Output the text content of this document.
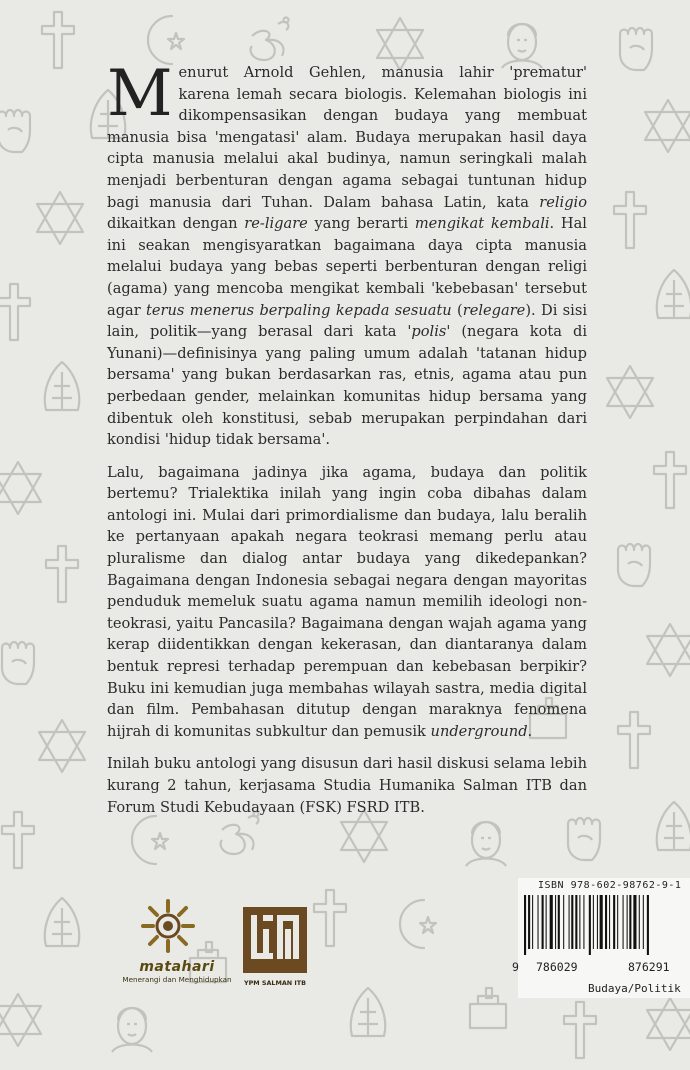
Menurut Arnold Gehlen, manusia lahir 'prematur' karena lemah secara biologis. Kelemahan biologis ini dikompensasikan dengan budaya yang membuat manusia bisa 'mengatasi' alam. Budaya merupakan hasil daya cipta manusia melalui akal budinya, namun seringkali malah menjadi berbenturan dengan agama sebagai tuntunan hidup bagi manusia dari Tuhan. Dalam bahasa Latin, kata religio dikaitkan dengan re-ligare yang berarti mengikat kembali. Hal ini seakan mengisyaratkan bagaimana daya cipta manusia melalui budaya yang bebas seperti berbenturan dengan religi (agama) yang mencoba mengikat kembali 'kebebasan' tersebut agar terus menerus berpaling kepada sesuatu (relegare). Di sisi lain, politik—yang berasal dari kata 'polis' (negara kota di Yunani)—definisinya yang paling umum adalah 'tatanan hidup bersama' yang bukan berdasarkan ras, etnis, agama atau pun perbedaan gender, melainkan komunitas hidup bersama yang dibentuk oleh konstitusi, sebab merupakan perpindahan dari kondisi 'hidup tidak bersama'.

Lalu, bagaimana jadinya jika agama, budaya dan politik bertemu? Trialektika inilah yang ingin coba dibahas dalam antologi ini. Mulai dari primordialisme dan budaya, lalu beralih ke pertanyaan apakah negara teokrasi memang perlu atau pluralisme dan dialog antar budaya yang dikedepankan? Bagaimana dengan Indonesia sebagai negara dengan mayoritas penduduk memeluk suatu agama namun memilih ideologi non-teokrasi, yaitu Pancasila? Bagaimana dengan wajah agama yang kerap diidentikkan dengan kekerasan, dan diantaranya dalam bentuk represi terhadap perempuan dan kebebasan berpikir? Buku ini kemudian juga membahas wilayah sastra, media digital dan film. Pembahasan ditutup dengan maraknya fenomena hijrah di komunitas subkultur dan pemusik underground.

Inilah buku antologi yang disusun dari hasil diskusi selama lebih kurang 2 tahun, kerjasama Studia Humanika Salman ITB dan Forum Studi Kebudayaan (FSK) FSRD ITB.

matahari
Menerangi dan Menghidupkan YPM SALMAN ITB
ISBN 978-602-98762-9-1
9 786029	876291
Budaya/Politik
